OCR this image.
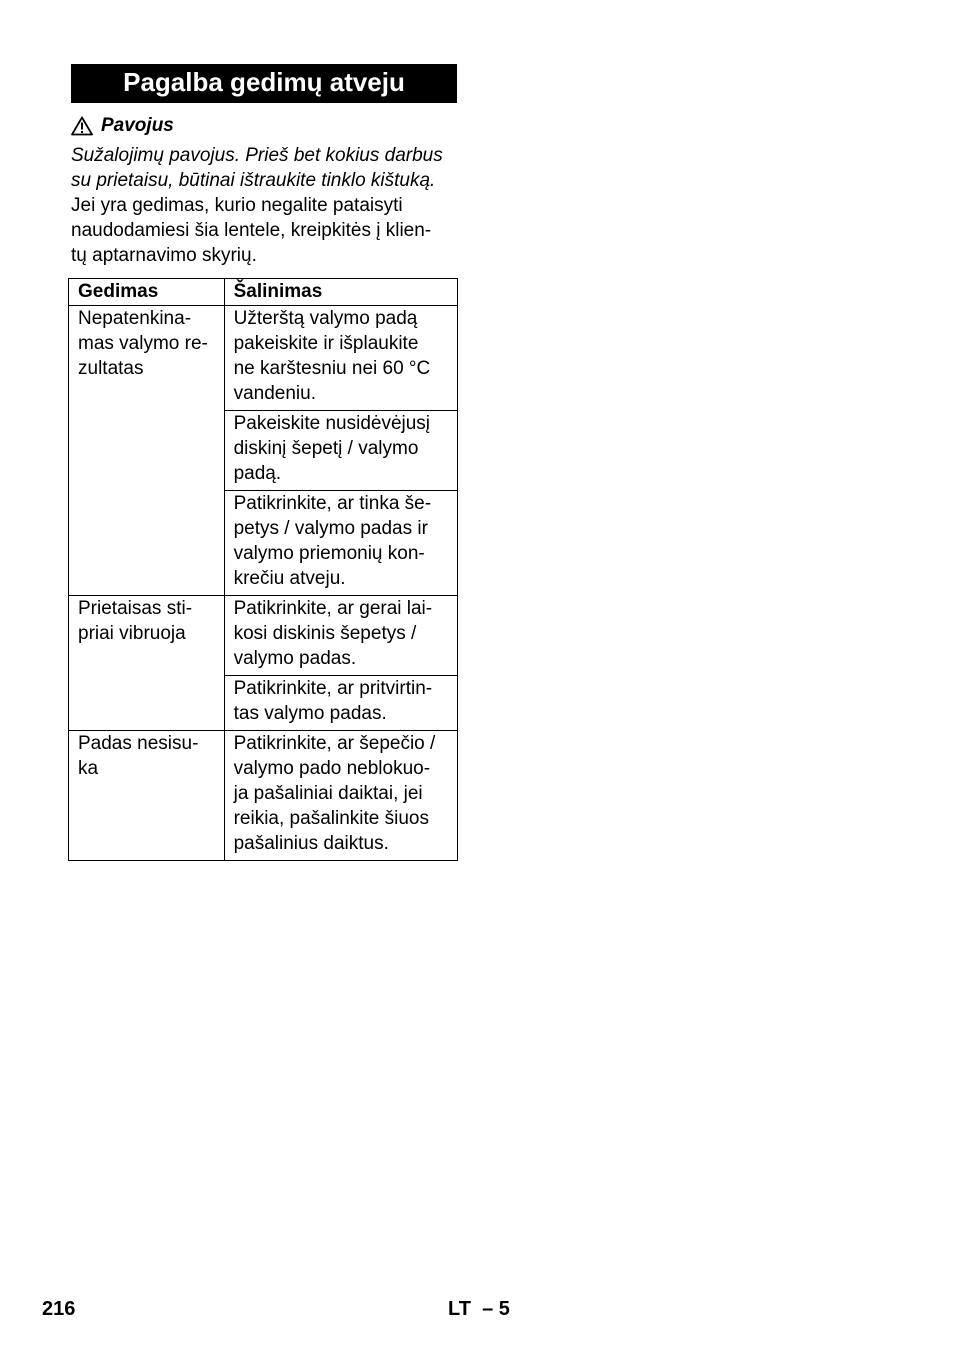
Pagalba gedimų atveju
Pavojus
Sužalojimų pavojus. Prieš bet kokius darbus
su prietaisu, būtinai ištraukite tinklo kištuką.
Jei yra gedimas, kurio negalite pataisyti
naudodamiesi šia lentele, kreipkitės į klien-
tų aptarnavimo skyrių.
Gedimas	Šalinimas

Nepatenkina-
mas valymo re-
zultatas	Užterštą valymo padą
pakeiskite ir išplaukite
ne karštesniu nei 60 °C
vandeniu.

	Pakeiskite nusidėvėjusį
diskinį šepetį / valymo
padą.

	Patikrinkite, ar tinka še-
petys / valymo padas ir
valymo priemonių kon-
krečiu atveju.

Prietaisas sti-
priai vibruoja	Patikrinkite, ar gerai lai-
kosi diskinis šepetys /
valymo padas.

	Patikrinkite, ar pritvirtin-
tas valymo padas.

Padas nesisu-
ka	Patikrinkite, ar šepečio /
valymo pado neblokuo-
ja pašaliniai daiktai, jei
reikia, pašalinkite šiuos
pašalinius daiktus.
216	LT  – 5
